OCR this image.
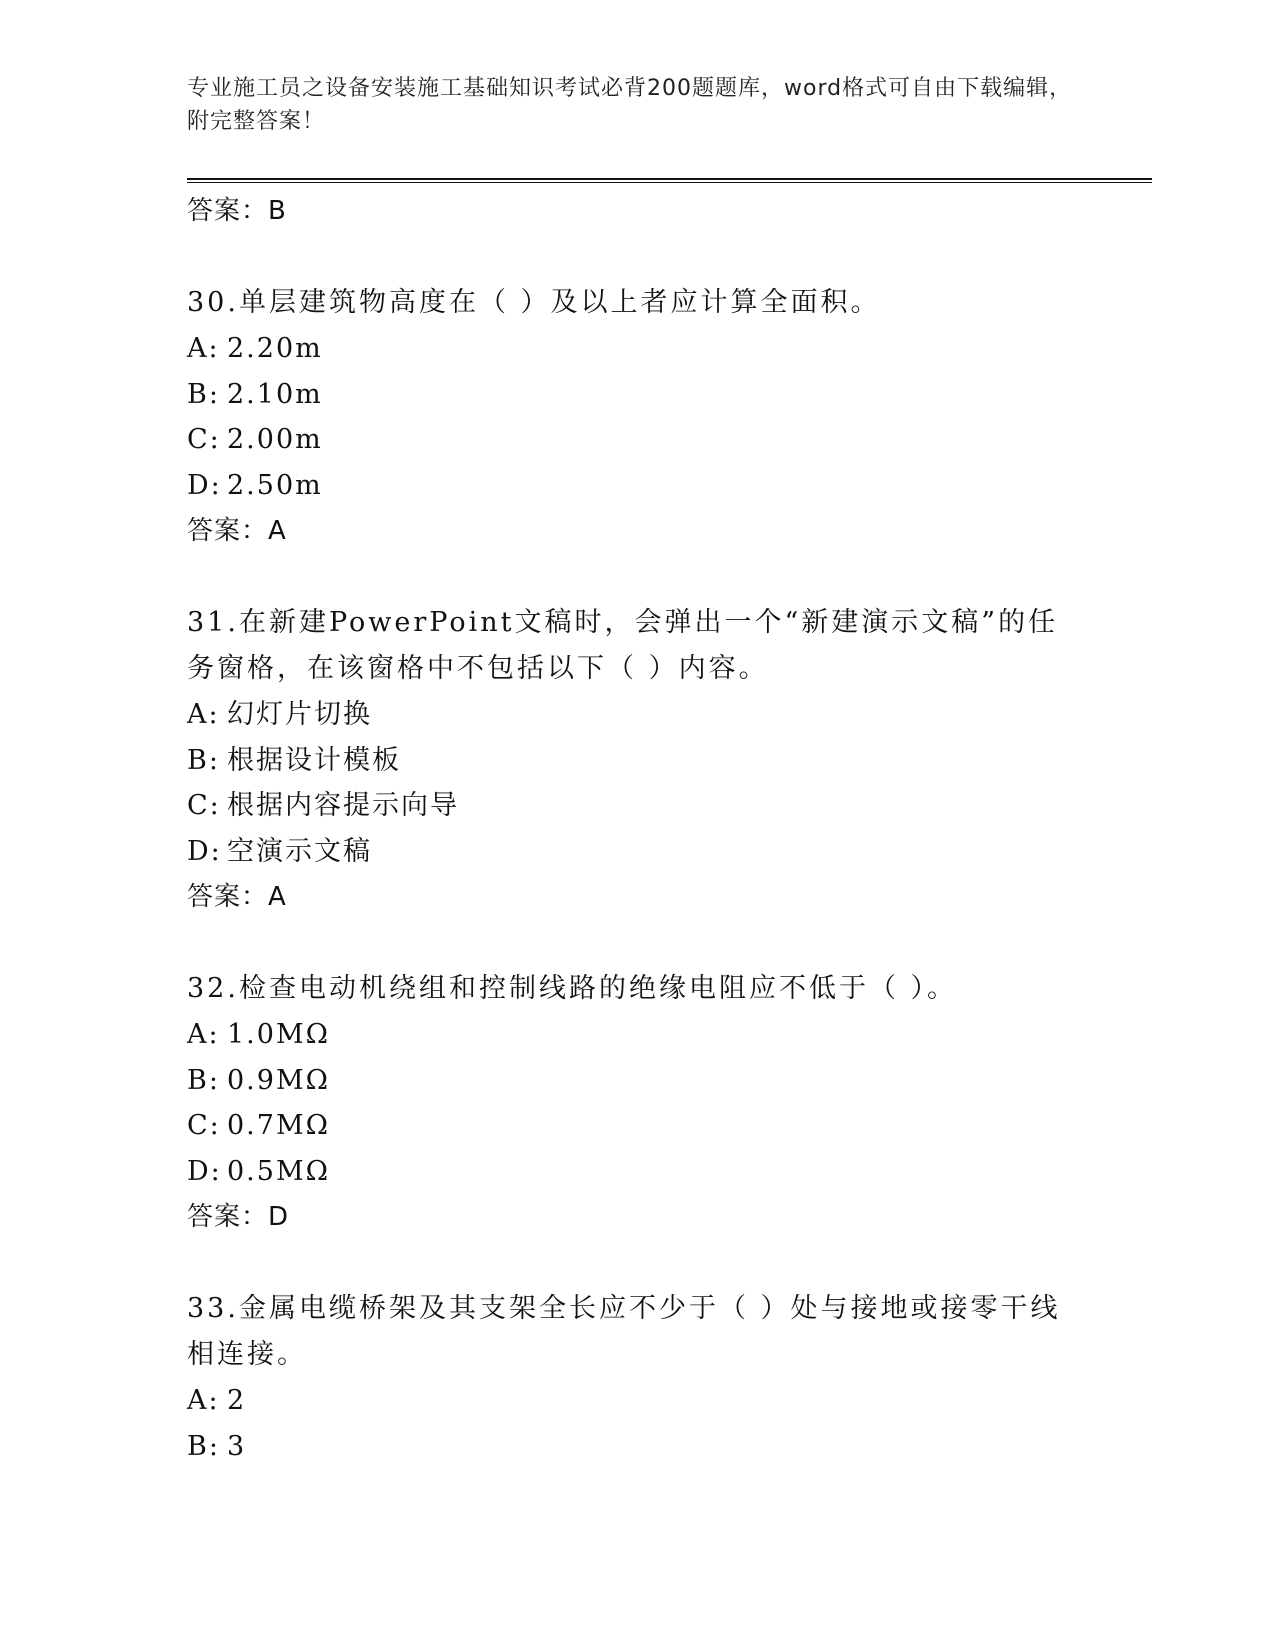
专业施工员之设备安装施工基础知识考试必背200题题库，word格式可自由下载编辑，附完整答案！
答案：B
30.单层建筑物高度在（ ）及以上者应计算全面积。
A: 2.20m
B: 2.10m
C: 2.00m
D: 2.50m
答案：A
31.在新建PowerPoint文稿时，会弹出一个“新建演示文稿”的任务窗格，在该窗格中不包括以下（ ）内容。
A: 幻灯片切换
B: 根据设计模板
C: 根据内容提示向导
D: 空演示文稿
答案：A
32.检查电动机绕组和控制线路的绝缘电阻应不低于（ ）。
A: 1.0MΩ
B: 0.9MΩ
C: 0.7MΩ
D: 0.5MΩ
答案：D
33.金属电缆桥架及其支架全长应不少于（ ）处与接地或接零干线相连接。
A: 2
B: 3
